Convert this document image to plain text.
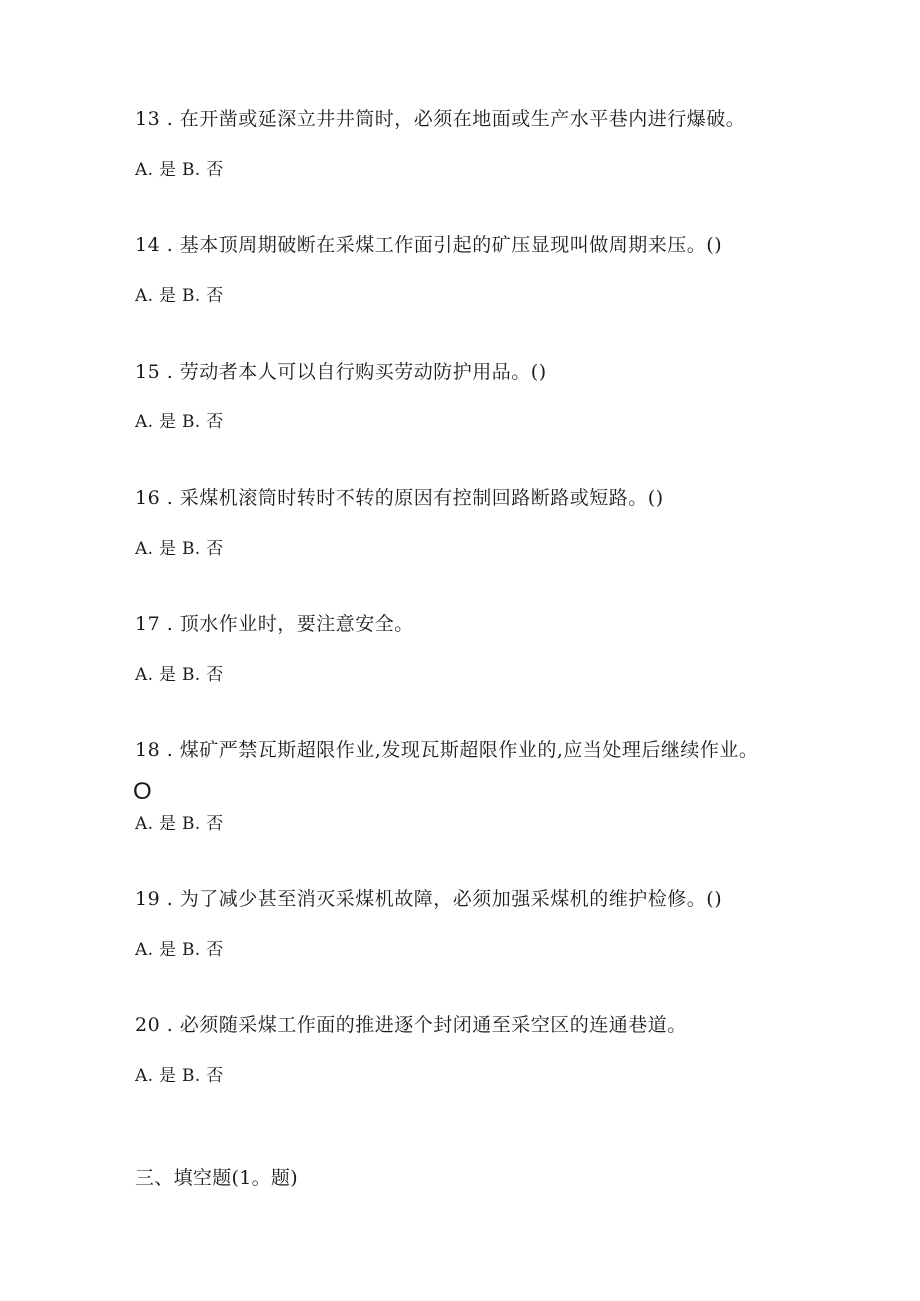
13 . 在开凿或延深立井井筒时，必须在地面或生产水平巷内进行爆破。
A. 是 B. 否
14 . 基本顶周期破断在采煤工作面引起的矿压显现叫做周期来压。()
A. 是 B. 否
15 . 劳动者本人可以自行购买劳动防护用品。()
A. 是 B. 否
16 . 采煤机滚筒时转时不转的原因有控制回路断路或短路。()
A. 是 B. 否
17 . 顶水作业时，要注意安全。
A. 是 B. 否
18 . 煤矿严禁瓦斯超限作业,发现瓦斯超限作业的,应当处理后继续作业。
O
A. 是 B. 否
19 . 为了减少甚至消灭采煤机故障，必须加强采煤机的维护检修。()
A. 是 B. 否
20 . 必须随采煤工作面的推进逐个封闭通至采空区的连通巷道。
A. 是 B. 否
三、填空题(1。题)
